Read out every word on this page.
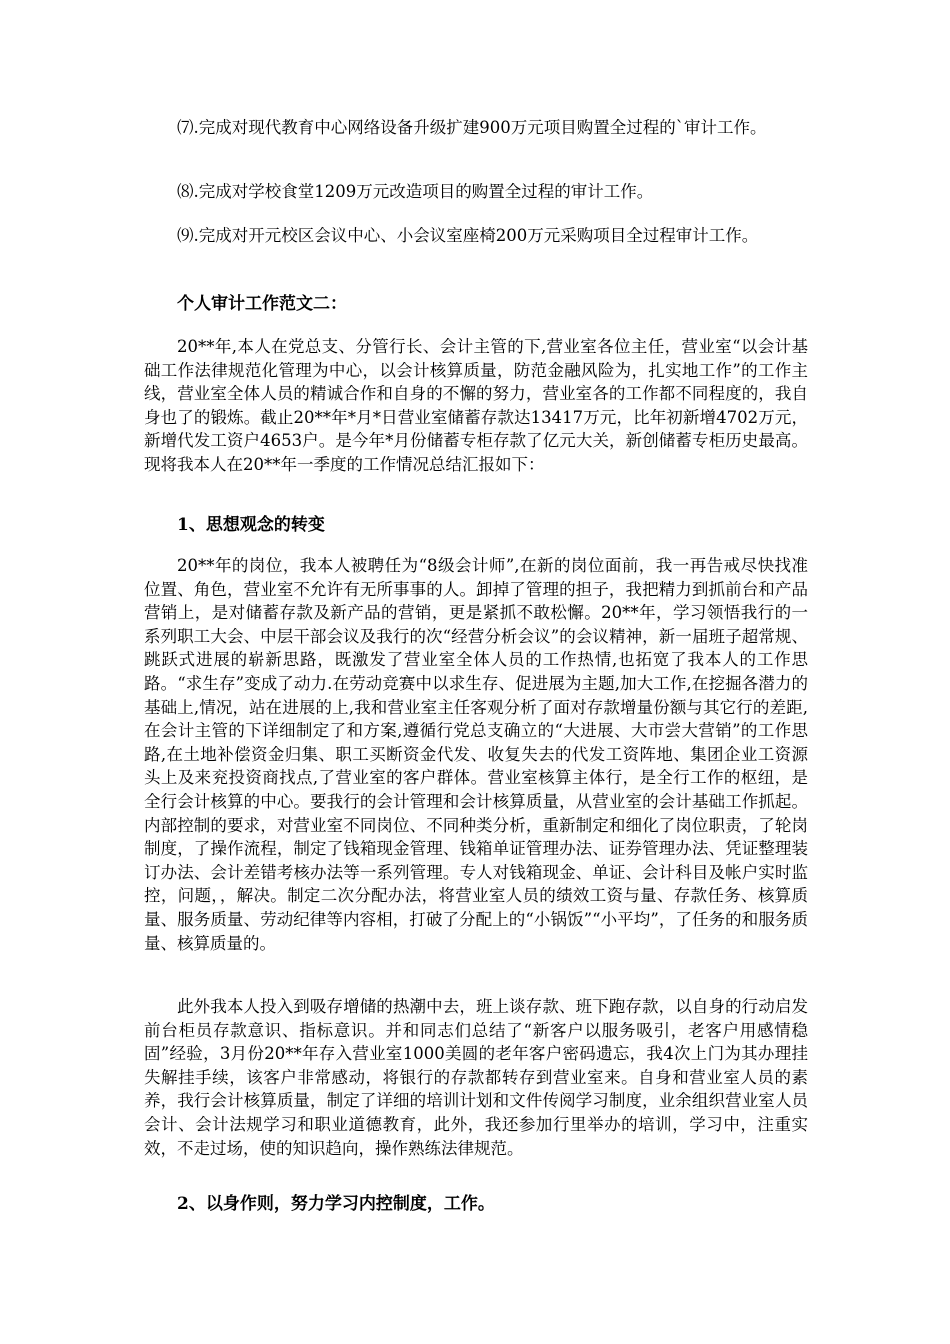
⑺.完成对现代教育中心网络设备升级扩建900万元项目购置全过程的`审计工作。

⑻.完成对学校食堂1209万元改造项目的购置全过程的审计工作。

⑼.完成对开元校区会议中心、小会议室座椅200万元采购项目全过程审计工作。

个人审计工作范文二：

20**年,本人在党总支、分管行长、会计主管的下,营业室各位主任，营业室“以会计基础工作法律规范化管理为中心，以会计核算质量，防范金融风险为，扎实地工作”的工作主线，营业室全体人员的精诚合作和自身的不懈的努力，营业室各的工作都不同程度的，我自身也了的锻炼。截止20**年*月*日营业室储蓄存款达13417万元，比年初新增4702万元，新增代发工资户4653户。是今年*月份储蓄专柜存款了亿元大关，新创储蓄专柜历史最高。现将我本人在20**年一季度的工作情况总结汇报如下：

1、思想观念的转变

20**年的岗位，我本人被聘任为“8级会计师”,在新的岗位面前，我一再告戒尽快找准位置、角色，营业室不允许有无所事事的人。卸掉了管理的担子，我把精力到抓前台和产品营销上，是对储蓄存款及新产品的营销，更是紧抓不敢松懈。20**年，学习领悟我行的一系列职工大会、中层干部会议及我行的次“经营分析会议”的会议精神，新一届班子超常规、跳跃式进展的崭新思路，既激发了营业室全体人员的工作热情,也拓宽了我本人的工作思路。“求生存”变成了动力.在劳动竞赛中以求生存、促进展为主题,加大工作,在挖掘各潜力的基础上,情况，站在进展的上,我和营业室主任客观分析了面对存款增量份额与其它行的差距,在会计主管的下详细制定了和方案,遵循行党总支确立的“大进展、大市尝大营销”的工作思路,在土地补偿资金归集、职工买断资金代发、收复失去的代发工资阵地、集团企业工资源头上及来兖投资商找点,了营业室的客户群体。营业室核算主体行，是全行工作的枢纽，是全行会计核算的中心。要我行的会计管理和会计核算质量，从营业室的会计基础工作抓起。内部控制的要求，对营业室不同岗位、不同种类分析，重新制定和细化了岗位职责，了轮岗制度，了操作流程，制定了钱箱现金管理、钱箱单证管理办法、证券管理办法、凭证整理装订办法、会计差错考核办法等一系列管理。专人对钱箱现金、单证、会计科目及帐户实时监控，问题，，解决。制定二次分配办法，将营业室人员的绩效工资与量、存款任务、核算质量、服务质量、劳动纪律等内容相，打破了分配上的“小锅饭”“小平均”，了任务的和服务质量、核算质量的。

此外我本人投入到吸存增储的热潮中去，班上谈存款、班下跑存款，以自身的行动启发前台柜员存款意识、指标意识。并和同志们总结了“新客户以服务吸引，老客户用感情稳固”经验，3月份20**年存入营业室1000美圆的老年客户密码遗忘，我4次上门为其办理挂失解挂手续，该客户非常感动，将银行的存款都转存到营业室来。自身和营业室人员的素养，我行会计核算质量，制定了详细的培训计划和文件传阅学习制度，业余组织营业室人员会计、会计法规学习和职业道德教育，此外，我还参加行里举办的培训，学习中，注重实效，不走过场，使的知识趋向，操作熟练法律规范。

2、以身作则，努力学习内控制度，工作。
